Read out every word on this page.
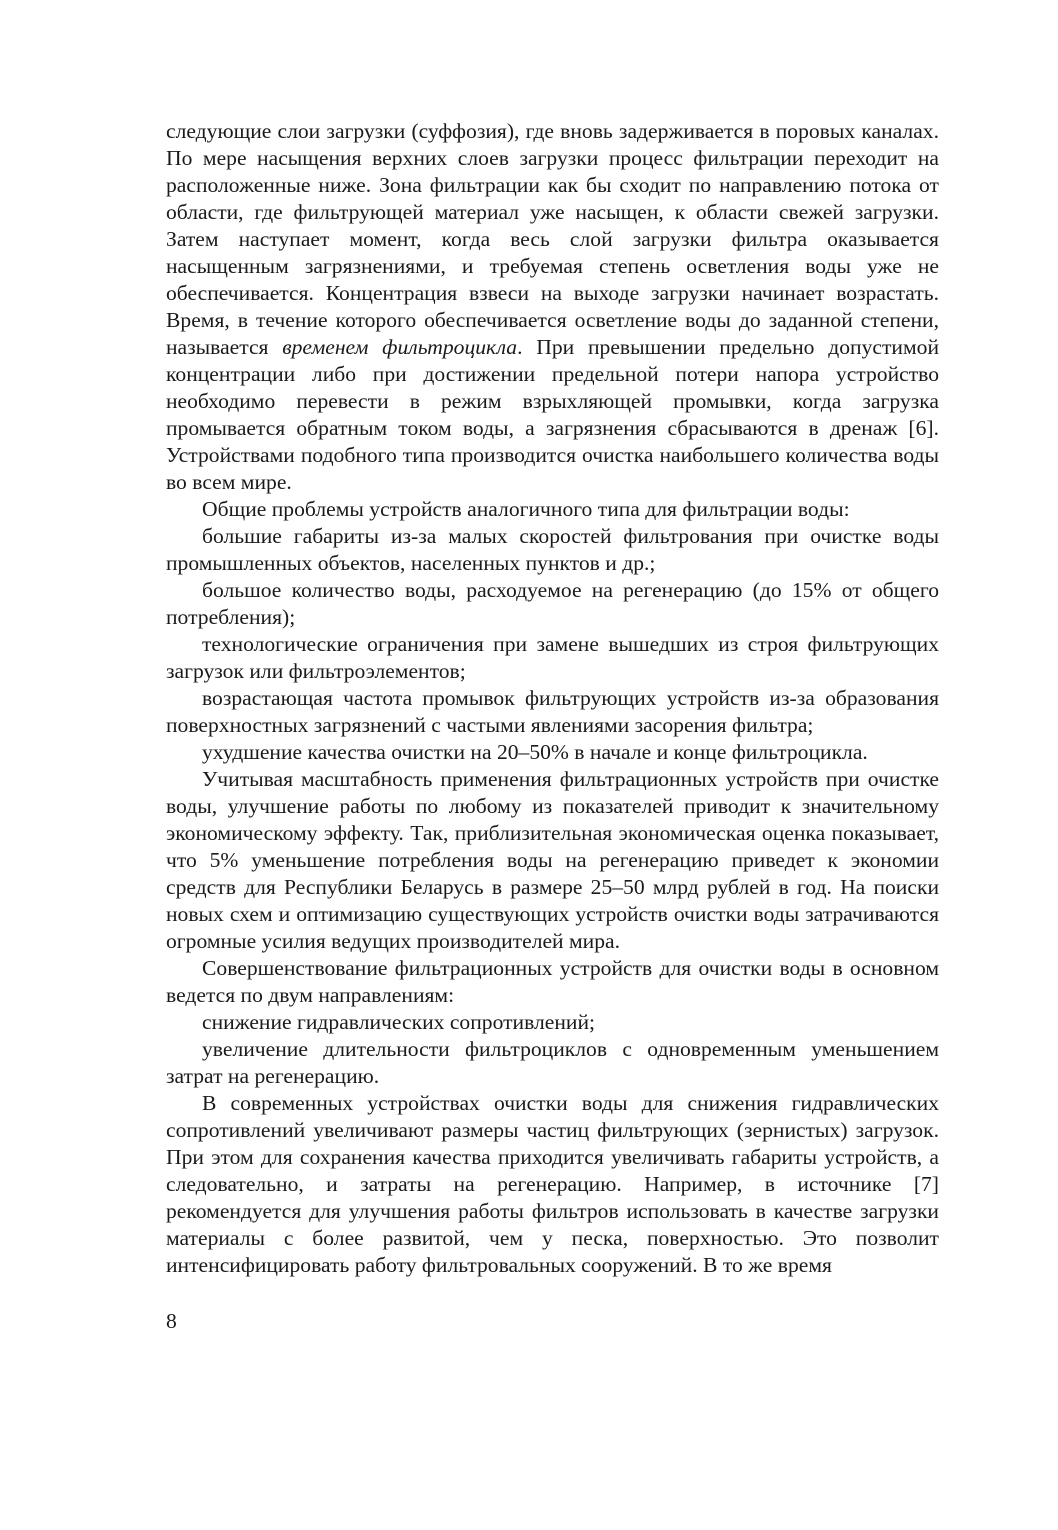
следующие слои загрузки (суффозия), где вновь задерживается в поровых каналах. По мере насыщения верхних слоев загрузки процесс фильтрации переходит на расположенные ниже. Зона фильтрации как бы сходит по направлению потока от области, где фильтрующей материал уже насыщен, к области свежей загрузки. Затем наступает момент, когда весь слой загрузки фильтра оказывается насыщенным загрязнениями, и требуемая степень осветления воды уже не обеспечивается. Концентрация взвеси на выходе загрузки начинает возрастать. Время, в течение которого обеспечивается осветление воды до заданной степени, называется временем фильтроцикла. При превышении предельно допустимой концентрации либо при достижении предельной потери напора устройство необходимо перевести в режим взрыхляющей промывки, когда загрузка промывается обратным током воды, а загрязнения сбрасываются в дренаж [6]. Устройствами подобного типа производится очистка наибольшего количества воды во всем мире.

Общие проблемы устройств аналогичного типа для фильтрации воды:

большие габариты из-за малых скоростей фильтрования при очистке воды промышленных объектов, населенных пунктов и др.;

большое количество воды, расходуемое на регенерацию (до 15% от общего потребления);

технологические ограничения при замене вышедших из строя фильтрующих загрузок или фильтроэлементов;

возрастающая частота промывок фильтрующих устройств из-за образования поверхностных загрязнений с частыми явлениями засорения фильтра;

ухудшение качества очистки на 20–50% в начале и конце фильтроцикла.

Учитывая масштабность применения фильтрационных устройств при очистке воды, улучшение работы по любому из показателей приводит к значительному экономическому эффекту. Так, приблизительная экономическая оценка показывает, что 5% уменьшение потребления воды на регенерацию приведет к экономии средств для Республики Беларусь в размере 25–50 млрд рублей в год. На поиски новых схем и оптимизацию существующих устройств очистки воды затрачиваются огромные усилия ведущих производителей мира.

Совершенствование фильтрационных устройств для очистки воды в основном ведется по двум направлениям:

снижение гидравлических сопротивлений;

увеличение длительности фильтроциклов с одновременным уменьшением затрат на регенерацию.

В современных устройствах очистки воды для снижения гидравлических сопротивлений увеличивают размеры частиц фильтрующих (зернистых) загрузок. При этом для сохранения качества приходится увеличивать габариты устройств, а следовательно, и затраты на регенерацию. Например, в источнике [7] рекомендуется для улучшения работы фильтров использовать в качестве загрузки материалы с более развитой, чем у песка, поверхностью. Это позволит интенсифицировать работу фильтровальных сооружений. В то же время

8
